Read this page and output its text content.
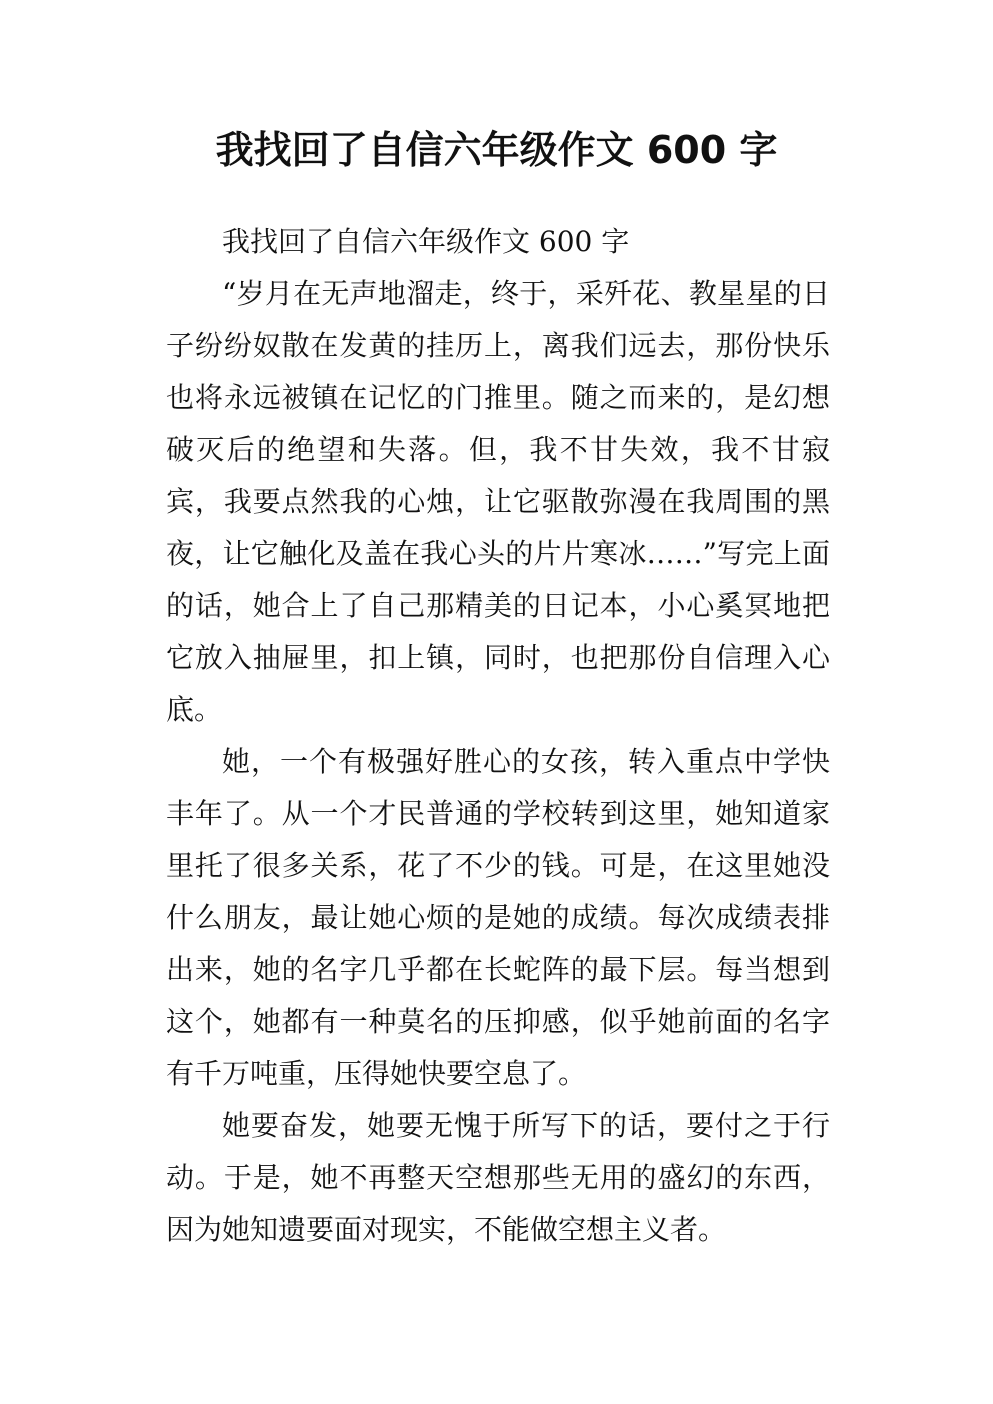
我找回了自信六年级作文 600 字

我找回了自信六年级作文 600 字

“岁月在无声地溜走，终于，采歼花、教星星的日子纷纷奴散在发黄的挂历上，离我们远去，那份快乐也将永远被镇在记忆的门推里。随之而来的，是幻想破灭后的绝望和失落。但，我不甘失效，我不甘寂宾，我要点然我的心烛，让它驱散弥漫在我周围的黑夜，让它触化及盖在我心头的片片寒冰……”写完上面的话，她合上了自己那精美的日记本，小心奚冥地把它放入抽屉里，扣上镇，同时，也把那份自信理入心底。

她，一个有极强好胜心的女孩，转入重点中学快丰年了。从一个才民普通的学校转到这里，她知道家里托了很多关系，花了不少的钱。可是，在这里她没什么朋友，最让她心烦的是她的成绩。每次成绩表排出来，她的名字几乎都在长蛇阵的最下层。每当想到这个，她都有一种莫名的压抑感，似乎她前面的名字有千万吨重，压得她快要空息了。

她要奋发，她要无愧于所写下的话，要付之于行动。于是，她不再整天空想那些无用的盛幻的东西，因为她知遗要面对现实，不能做空想主义者。
